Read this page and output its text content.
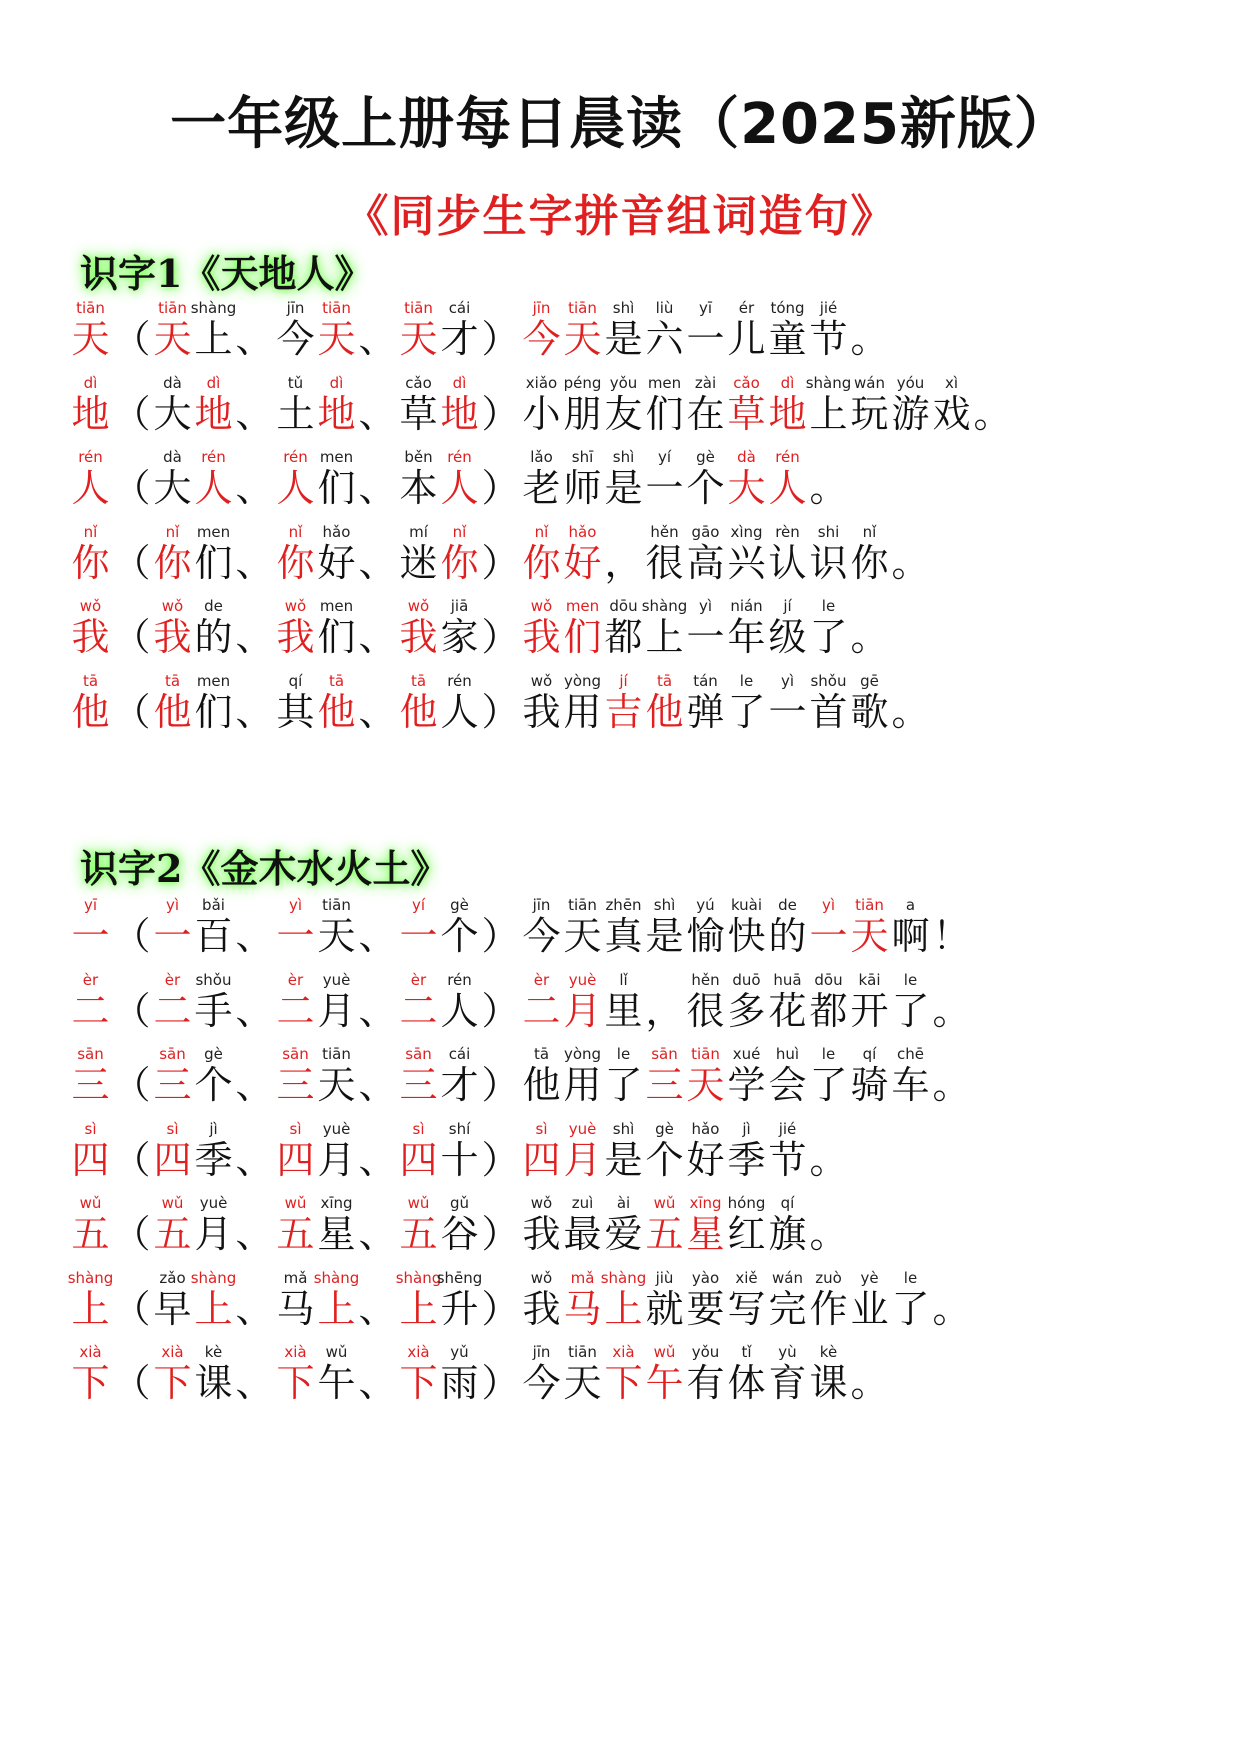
一年级上册每日晨读（2025新版）
《同步生字拼音组词造句》
识字1《天地人》
tiān
天 （
tiān
天
shàng
上 、
jīn
今
tiān
天 、
tiān
天
cái
才 ）
jīn
今
tiān
天
shì
是
liù
六
yī
一
ér
儿
tóng
童
jié
节 。
dì
地 （
dà
大
dì
地 、
tǔ
土
dì
地 、
cǎo
草
dì
地 ）
xiǎo
小
péng
朋
yǒu
友
men
们
zài
在
cǎo
草
dì
地
shàng
上
wán
玩
yóu
游
xì
戏 。
rén
人 （
dà
大
rén
人 、
rén
人
men
们 、
běn
本
rén
人 ）
lǎo
老
shī
师
shì
是
yí
一
gè
个
dà
大
rén
人 。
nǐ
你 （
nǐ
你
men
们 、
nǐ
你
hǎo
好 、
mí
迷
nǐ
你 ）
nǐ
你
hǎo
好 ，
hěn
很
gāo
高
xìng
兴
rèn
认
shi
识
nǐ
你 。
wǒ
我 （
wǒ
我
de
的 、
wǒ
我
men
们 、
wǒ
我
jiā
家 ）
wǒ
我
men
们
dōu
都
shàng
上
yì
一
nián
年
jí
级
le
了 。
tā
他 （
tā
他
men
们 、
qí
其
tā
他 、
tā
他
rén
人 ）
wǒ
我
yòng
用
jí
吉
tā
他
tán
弹
le
了
yì
一
shǒu
首
gē
歌 。
识字2《金木水火土》
yī
一 （
yì
一
bǎi
百 、
yì
一
tiān
天 、
yí
一
gè
个 ）
jīn
今
tiān
天
zhēn
真
shì
是
yú
愉
kuài
快
de
的
yì
一
tiān
天
a
啊 ！
èr
二 （
èr
二
shǒu
手 、
èr
二
yuè
月 、
èr
二
rén
人 ）
èr
二
yuè
月
lǐ
里 ，
hěn
很
duō
多
huā
花
dōu
都
kāi
开
le
了 。
sān
三 （
sān
三
gè
个 、
sān
三
tiān
天 、
sān
三
cái
才 ）
tā
他
yòng
用
le
了
sān
三
tiān
天
xué
学
huì
会
le
了
qí
骑
chē
车 。
sì
四 （
sì
四
jì
季 、
sì
四
yuè
月 、
sì
四
shí
十 ）
sì
四
yuè
月
shì
是
gè
个
hǎo
好
jì
季
jié
节 。
wǔ
五 （
wǔ
五
yuè
月 、
wǔ
五
xīng
星 、
wǔ
五
gǔ
谷 ）
wǒ
我
zuì
最
ài
爱
wǔ
五
xīng
星
hóng
红
qí
旗 。
shàng
上 （
zǎo
早
shàng
上 、
mǎ
马
shàng
上 、
shàng
上
shēng
升 ）
wǒ
我
mǎ
马
shàng
上
jiù
就
yào
要
xiě
写
wán
完
zuò
作
yè
业
le
了 。
xià
下 （
xià
下
kè
课 、
xià
下
wǔ
午 、
xià
下
yǔ
雨 ）
jīn
今
tiān
天
xià
下
wǔ
午
yǒu
有
tǐ
体
yù
育
kè
课 。
